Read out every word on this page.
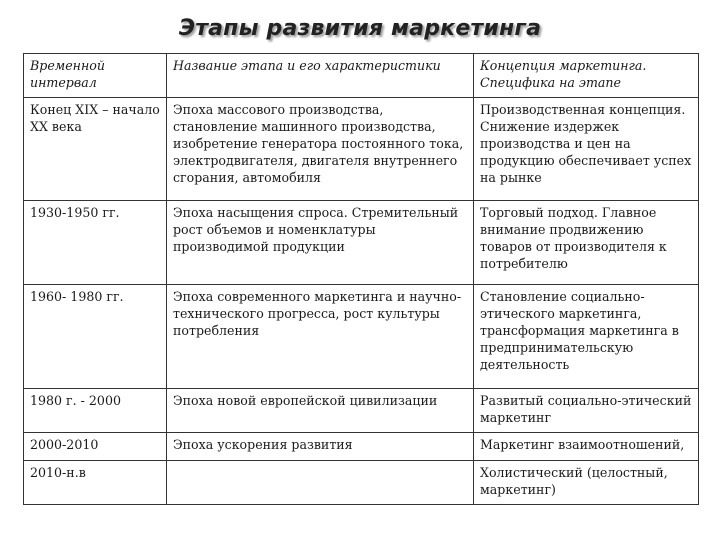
Этапы развития маркетинга
Временной интервал	Название этапа и его характеристики	Концепция маркетинга. Специфика на этапе
Конец XIX – начало XX века	Эпоха массового производства, становление машинного производства, изобретение генератора постоянного тока, электродвигателя, двигателя внутреннего сгорания, автомобиля	Производственная концепция. Снижение издержек производства и цен на продукцию обеспечивает успех на рынке
1930-1950 гг.	Эпоха насыщения спроса. Стремительный рост объемов и номенклатуры производимой продукции	Торговый подход. Главное внимание продвижению товаров от производителя к потребителю
1960- 1980 гг.	Эпоха современного маркетинга и научно-технического прогресса, рост культуры потребления	Становление социально-этического маркетинга, трансформация маркетинга в предпринимательскую деятельность
1980 г. - 2000	Эпоха новой европейской цивилизации	Развитый социально-этический маркетинг
2000-2010	Эпоха ускорения развития	Маркетинг взаимоотношений,
2010-н.в		Холистический (целостный, маркетинг)
